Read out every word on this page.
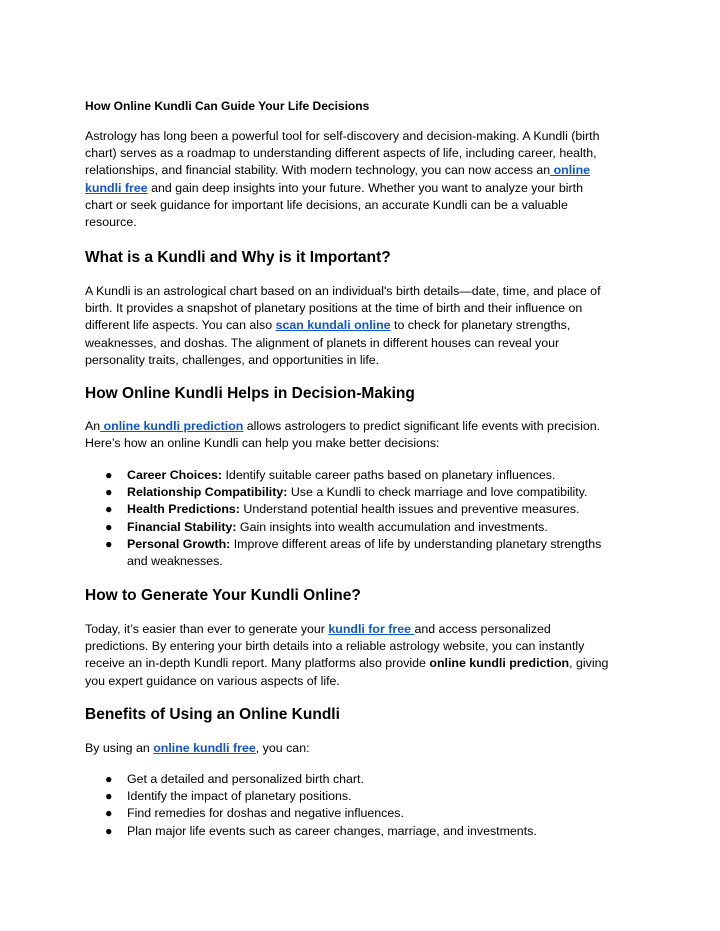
How Online Kundli Can Guide Your Life Decisions

Astrology has long been a powerful tool for self-discovery and decision-making. A Kundli (birth
chart) serves as a roadmap to understanding different aspects of life, including career, health,
relationships, and financial stability. With modern technology, you can now access an online
kundli free and gain deep insights into your future. Whether you want to analyze your birth
chart or seek guidance for important life decisions, an accurate Kundli can be a valuable
resource.

What is a Kundli and Why is it Important?

A Kundli is an astrological chart based on an individual's birth details—date, time, and place of
birth. It provides a snapshot of planetary positions at the time of birth and their influence on
different life aspects. You can also scan kundali online to check for planetary strengths,
weaknesses, and doshas. The alignment of planets in different houses can reveal your
personality traits, challenges, and opportunities in life.

How Online Kundli Helps in Decision-Making

An online kundli prediction allows astrologers to predict significant life events with precision.
Here’s how an online Kundli can help you make better decisions:

● Career Choices: Identify suitable career paths based on planetary influences.
● Relationship Compatibility: Use a Kundli to check marriage and love compatibility.
● Health Predictions: Understand potential health issues and preventive measures.
● Financial Stability: Gain insights into wealth accumulation and investments.
● Personal Growth: Improve different areas of life by understanding planetary strengths
and weaknesses.
How to Generate Your Kundli Online?

Today, it’s easier than ever to generate your kundli for free and access personalized
predictions. By entering your birth details into a reliable astrology website, you can instantly
receive an in-depth Kundli report. Many platforms also provide online kundli prediction, giving
you expert guidance on various aspects of life.

Benefits of Using an Online Kundli

By using an online kundli free, you can:

● Get a detailed and personalized birth chart.
● Identify the impact of planetary positions.
● Find remedies for doshas and negative influences.
● Plan major life events such as career changes, marriage, and investments.
